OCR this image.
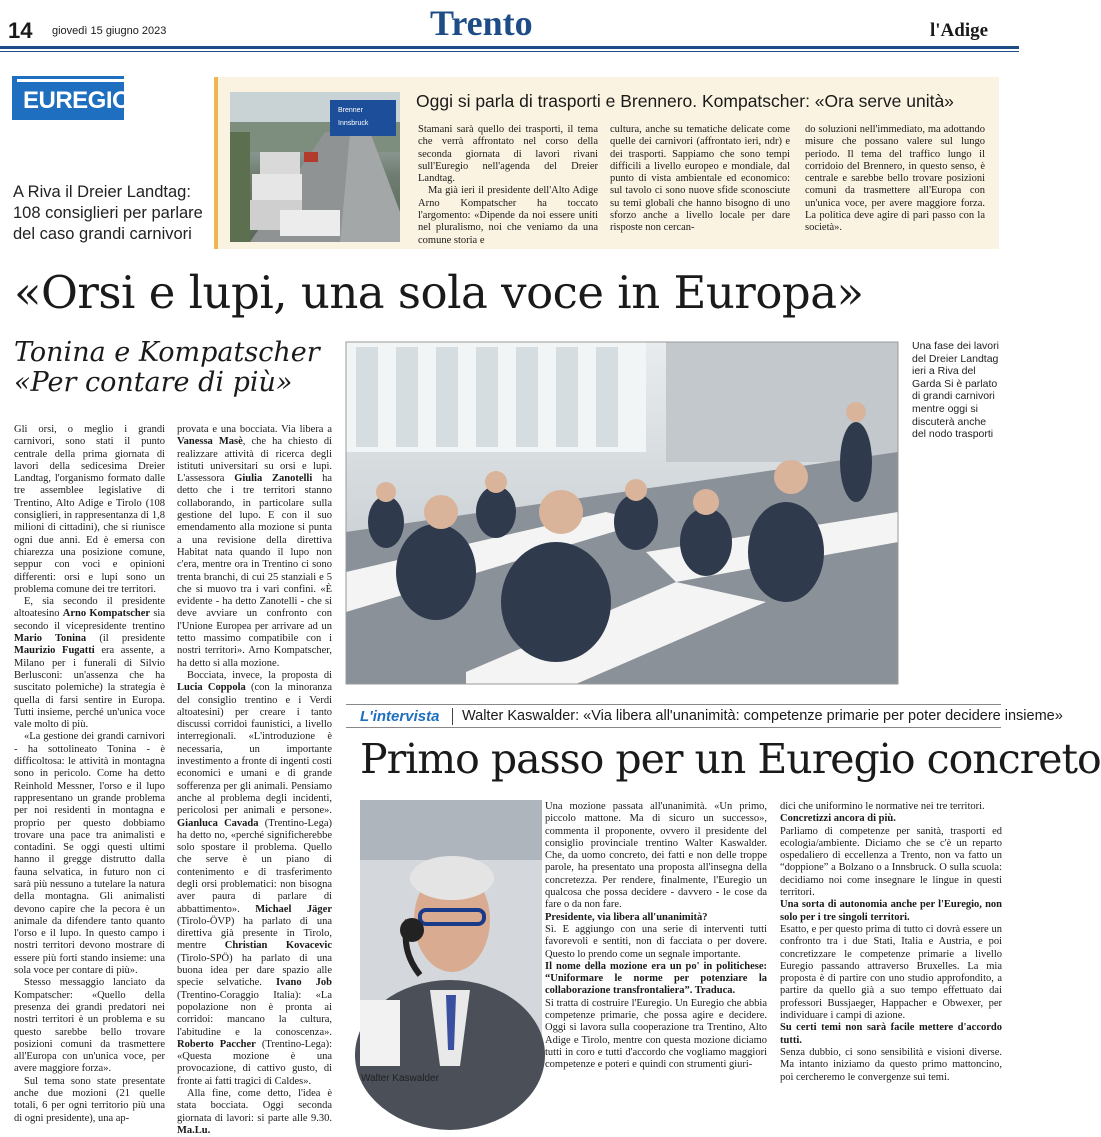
14 giovedì 15 giugno 2023	Trento	l'Adige
EUREGIO
A Riva il Dreier Landtag: 108 consiglieri per parlare del caso grandi carnivori
Brenner
Innsbruck
Oggi si parla di trasporti e Brennero. Kompatscher: «Ora serve unità»

Stamani sarà quello dei trasporti, il tema che verrà affrontato nel corso della seconda giornata di lavori rivani sull'Euregio nell'agenda del Dreier Landtag.

Ma già ieri il presidente dell'Alto Adige Arno Kompatscher ha toccato l'argomento: «Dipende da noi essere uniti nel pluralismo, noi che veniamo da una comune storia e

cultura, anche su tematiche delicate come quelle dei carnivori (affrontato ieri, ndr) e dei trasporti. Sappiamo che sono tempi difficili a livello europeo e mondiale, dal punto di vista ambientale ed economico: sul tavolo ci sono nuove sfide sconosciute su temi globali che hanno bisogno di uno sforzo anche a livello locale per dare risposte non cercan-

do soluzioni nell'immediato, ma adottando misure che possano valere sul lungo periodo. Il tema del traffico lungo il corridoio del Brennero, in questo senso, è centrale e sarebbe bello trovare posizioni comuni da trasmettere all'Europa con un'unica voce, per avere maggiore forza. La politica deve agire di pari passo con la società».

«Orsi e lupi, una sola voce in Europa»
Tonina e Kompatscher
«Per contare di più»
Una fase dei lavori del Dreier Landtag ieri a Riva del Garda Si è parlato di grandi carnivori mentre oggi si discuterà anche del nodo trasporti

Gli orsi, o meglio i grandi carnivori, sono stati il punto centrale della prima giornata di lavori della sedicesima Dreier Landtag, l'organismo formato dalle tre assemblee legislative di Trentino, Alto Adige e Tirolo (108 consiglieri, in rappresentanza di 1,8 milioni di cittadini), che si riunisce ogni due anni. Ed è emersa con chiarezza una posizione comune, seppur con voci e opinioni differenti: orsi e lupi sono un problema comune dei tre territori.

E, sia secondo il presidente altoatesino Arno Kompatscher sia secondo il vicepresidente trentino Mario Tonina (il presidente Maurizio Fugatti era assente, a Milano per i funerali di Silvio Berlusconi: un'assenza che ha suscitato polemiche) la strategia è quella di farsi sentire in Europa. Tutti insieme, perché un'unica voce vale molto di più.

«La gestione dei grandi carnivori - ha sottolineato Tonina - è difficoltosa: le attività in montagna sono in pericolo. Come ha detto Reinhold Messner, l'orso e il lupo rappresentano un grande problema per noi residenti in montagna e proprio per questo dobbiamo trovare una pace tra animalisti e contadini. Se oggi questi ultimi hanno il gregge distrutto dalla fauna selvatica, in futuro non ci sarà più nessuno a tutelare la natura della montagna. Gli animalisti devono capire che la pecora è un animale da difendere tanto quanto l'orso e il lupo. In questo campo i nostri territori devono mostrare di essere più forti stando insieme: una sola voce per contare di più».

Stesso messaggio lanciato da Kompatscher: «Quello della presenza dei grandi predatori nei nostri territori è un problema e su questo sarebbe bello trovare posizioni comuni da trasmettere all'Europa con un'unica voce, per avere maggiore forza».

Sul tema sono state presentate anche due mozioni (21 quelle totali, 6 per ogni territorio più una di ogni presidente), una ap-

provata e una bocciata. Via libera a Vanessa Masè, che ha chiesto di realizzare attività di ricerca degli istituti universitari su orsi e lupi. L'assessora Giulia Zanotelli ha detto che i tre territori stanno collaborando, in particolare sulla gestione del lupo. E con il suo emendamento alla mozione si punta a una revisione della direttiva Habitat nata quando il lupo non c'era, mentre ora in Trentino ci sono trenta branchi, di cui 25 stanziali e 5 che si muovo tra i vari confini. «È evidente - ha detto Zanotelli - che si deve avviare un confronto con l'Unione Europea per arrivare ad un tetto massimo compatibile con i nostri territori». Arno Kompatscher, ha detto sì alla mozione.

Bocciata, invece, la proposta di Lucia Coppola (con la minoranza del consiglio trentino e i Verdi altoatesini) per creare i tanto discussi corridoi faunistici, a livello interregionali. «L'introduzione è necessaria, un importante investimento a fronte di ingenti costi economici e umani e di grande sofferenza per gli animali. Pensiamo anche al problema degli incidenti, pericolosi per animali e persone». Gianluca Cavada (Trentino-Lega) ha detto no, «perché significherebbe solo spostare il problema. Quello che serve è un piano di contenimento e di trasferimento degli orsi problematici: non bisogna aver paura di parlare di abbattimento». Michael Jäger (Tirolo-ÖVP) ha parlato di una direttiva già presente in Tirolo, mentre Christian Kovacevic (Tirolo-SPÖ) ha parlato di una buona idea per dare spazio alle specie selvatiche. Ivano Job (Trentino-Coraggio Italia): «La popolazione non è pronta ai corridoi: mancano la cultura, l'abitudine e la conoscenza». Roberto Paccher (Trentino-Lega): «Questa mozione è una provocazione, di cattivo gusto, di fronte ai fatti tragici di Caldes».

Alla fine, come detto, l'idea è stata bocciata. Oggi seconda giornata di lavori: si parte alle 9.30. Ma.Lu.

L'intervista Walter Kaswalder: «Via libera all'unanimità: competenze primarie per poter decidere insieme»
Primo passo per un Euregio concreto
Walter Kaswalder

Una mozione passata all'unanimità. «Un primo, piccolo mattone. Ma di sicuro un successo», commenta il proponente, ovvero il presidente del consiglio provinciale trentino Walter Kaswalder. Che, da uomo concreto, dei fatti e non delle troppe parole, ha presentato una proposta all'insegna della concretezza. Per rendere, finalmente, l'Euregio un qualcosa che possa decidere - davvero - le cose da fare o da non fare.

Presidente, via libera all'unanimità?

Sì. E aggiungo con una serie di interventi tutti favorevoli e sentiti, non di facciata o per dovere. Questo lo prendo come un segnale importante.

Il nome della mozione era un po' in politichese: “Uniformare le norme per potenziare la collaborazione transfrontaliera”. Traduca.

Si tratta di costruire l'Euregio. Un Euregio che abbia competenze primarie, che possa agire e decidere. Oggi si lavora sulla cooperazione tra Trentino, Alto Adige e Tirolo, mentre con questa mozione diciamo tutti in coro e tutti d'accordo che vogliamo maggiori competenze e poteri e quindi con strumenti giuri-

dici che uniformino le normative nei tre territori.

Concretizzi ancora di più.

Parliamo di competenze per sanità, trasporti ed ecologia/ambiente. Diciamo che se c'è un reparto ospedaliero di eccellenza a Trento, non va fatto un “doppione” a Bolzano o a Innsbruck. O sulla scuola: decidiamo noi come insegnare le lingue in questi territori.

Una sorta di autonomia anche per l'Euregio, non solo per i tre singoli territori.

Esatto, e per questo prima di tutto ci dovrà essere un confronto tra i due Stati, Italia e Austria, e poi concretizzare le competenze primarie a livello Euregio passando attraverso Bruxelles. La mia proposta è di partire con uno studio approfondito, a partire da quello già a suo tempo effettuato dai professori Bussjaeger, Happacher e Obwexer, per individuare i campi di azione.

Su certi temi non sarà facile mettere d'accordo tutti.

Senza dubbio, ci sono sensibilità e visioni diverse. Ma intanto iniziamo da questo primo mattoncino, poi cercheremo le convergenze sui temi.
